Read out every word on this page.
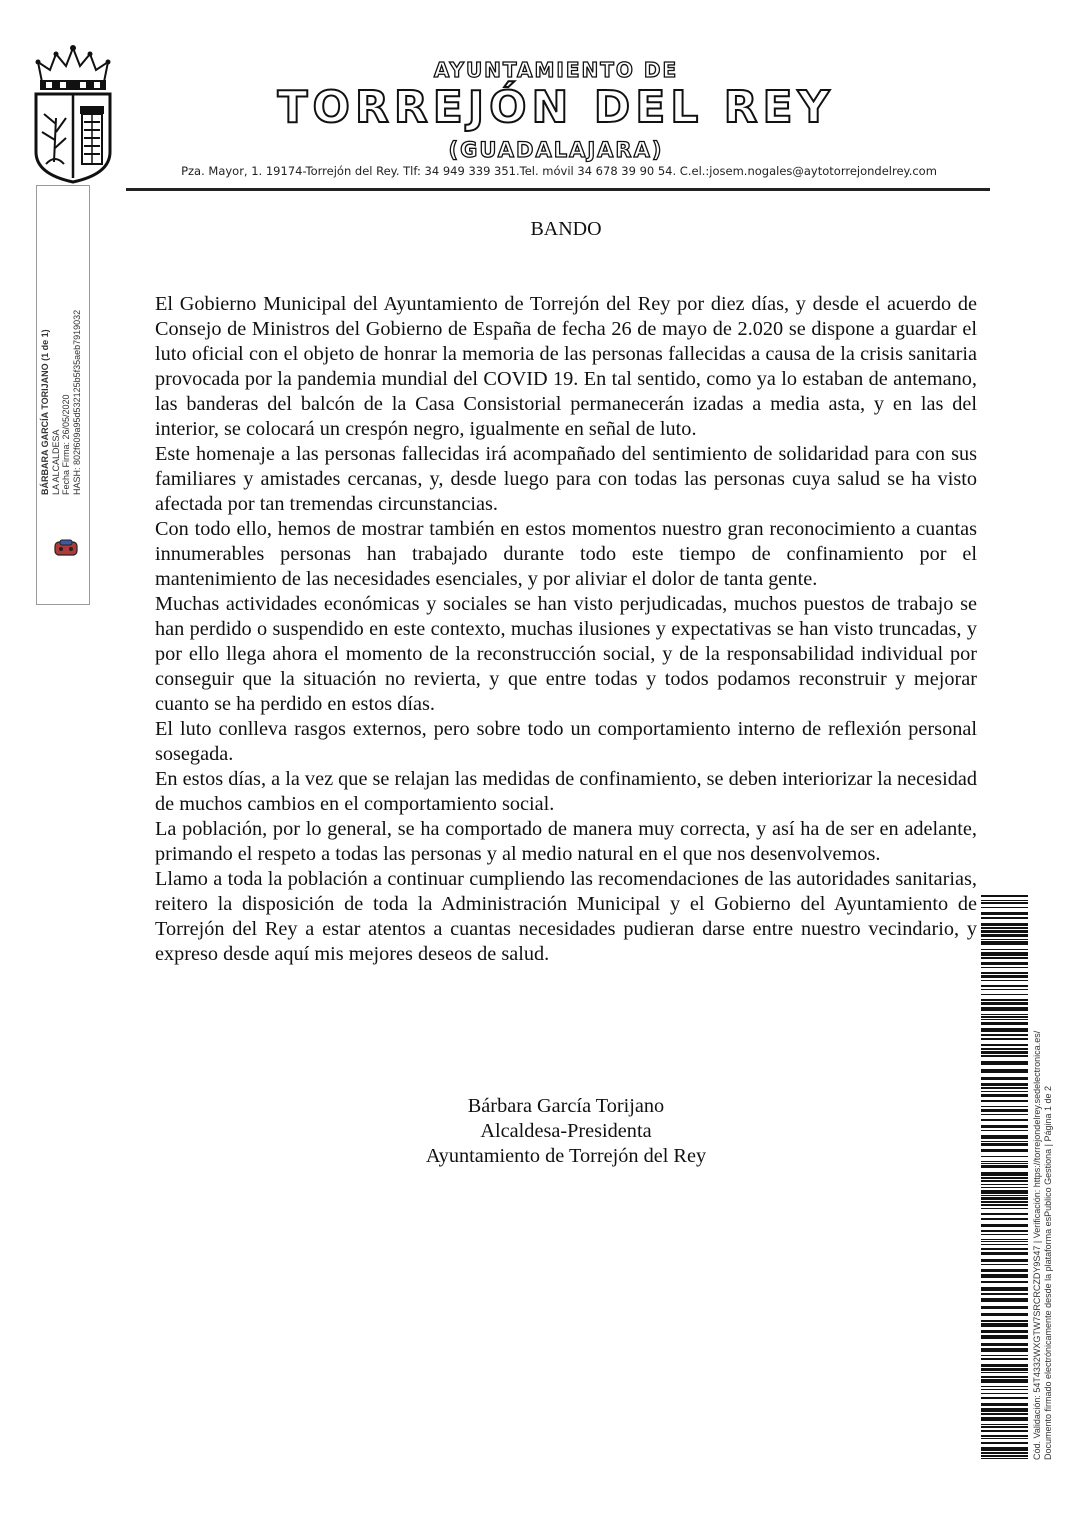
AYUNTAMIENTO DE
TORREJÓN DEL REY
(GUADALAJARA)
Pza. Mayor, 1. 19174-Torrejón del Rey. Tlf: 34 949 339 351.Tel. móvil 34 678 39 90 54. C.el.:josem.nogales@aytotorrejondelrey.com
BÁRBARA GARCÍA TORIJANO (1 de 1) LA ALCALDESA Fecha Firma: 26/05/2020 HASH: 802f609a95d532125b5f35aeb7919032
BANDO

El Gobierno Municipal del Ayuntamiento de Torrejón del Rey por diez días, y desde el acuerdo de Consejo de Ministros del Gobierno de España de fecha 26 de mayo de 2.020 se dispone a guardar el luto oficial con el objeto de honrar la memoria de las personas fallecidas a causa de la crisis sanitaria provocada por la pandemia mundial del COVID 19. En tal sentido, como ya lo estaban de antemano, las banderas del balcón de la Casa Consistorial permanecerán izadas a media asta, y en las del interior, se colocará un crespón negro, igualmente en señal de luto.

Este homenaje a las personas fallecidas irá acompañado del sentimiento de solidaridad para con sus familiares y amistades cercanas, y, desde luego para con todas las personas cuya salud se ha visto afectada por tan tremendas circunstancias.

Con todo ello, hemos de mostrar también en estos momentos nuestro gran reconocimiento a cuantas innumerables personas han trabajado durante todo este tiempo de confinamiento por el mantenimiento de las necesidades esenciales, y por aliviar el dolor de tanta gente.

Muchas actividades económicas y sociales se han visto perjudicadas, muchos puestos de trabajo se han perdido o suspendido en este contexto, muchas ilusiones y expectativas se han visto truncadas, y por ello llega ahora el momento de la reconstrucción social, y de la responsabilidad individual por conseguir que la situación no revierta, y que entre todas y todos podamos reconstruir y mejorar cuanto se ha perdido en estos días.

El luto conlleva rasgos externos, pero sobre todo un comportamiento interno de reflexión personal sosegada.

En estos días, a la vez que se relajan las medidas de confinamiento, se deben interiorizar la necesidad de muchos cambios en el comportamiento social.

La población, por lo general, se ha comportado de manera muy correcta, y así ha de ser en adelante, primando el respeto a todas las personas y al medio natural en el que nos desenvolvemos.

Llamo a toda la población a continuar cumpliendo las recomendaciones de las autoridades sanitarias, reitero la disposición de toda la Administración Municipal y el Gobierno del Ayuntamiento de Torrejón del Rey a estar atentos a cuantas necesidades pudieran darse entre nuestro vecindario, y expreso desde aquí mis mejores deseos de salud.

Bárbara García Torijano
Alcaldesa-Presidenta
Ayuntamiento de Torrejón del Rey	Cód. Validación: 54T4332WXGTW7SRCRCZDY9S47 | Verificación: https://torrejondelrey.sedelectronica.es/ Documento firmado electrónicamente desde la plataforma esPublico Gestiona | Página 1 de 2
